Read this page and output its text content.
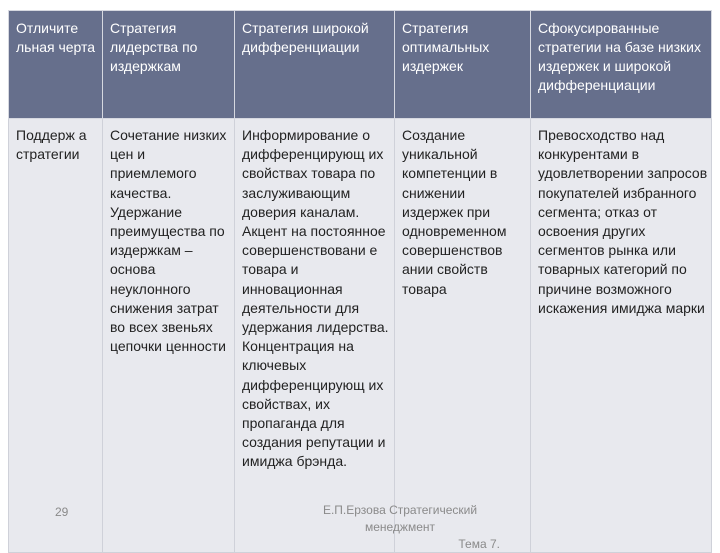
Отличите льная черта	Стратегия лидерства по издержкам	Стратегия широкой дифференциации	Стратегия оптимальных издержек	Сфокусированные стратегии на базе низких издержек и широкой дифференциации

Поддерж а стратегии	Сочетание низких цен и приемлемого качества. Удержание преимущества по издержкам – основа неуклонного снижения затрат во всех звеньях цепочки ценности	Информирование о дифференцирующ их свойствах товара по заслуживающим доверия каналам. Акцент на постоянное совершенствовани е товара и инновационная деятельности для удержания лидерства. Концентрация на ключевых дифференцирующ их свойствах, их пропаганда для создания репутации и имиджа брэнда.	Создание уникальной компетенции в снижении издержек при одновременном совершенствов ании свойств товара	Превосходство над конкурентами в удовлетворении запросов покупателей избранного сегмента; отказ от освоения других сегментов рынка или товарных категорий по причине возможного искажения имиджа марки
29	Е.П.Ерзова Стратегический менеджмент
Тема 7.
